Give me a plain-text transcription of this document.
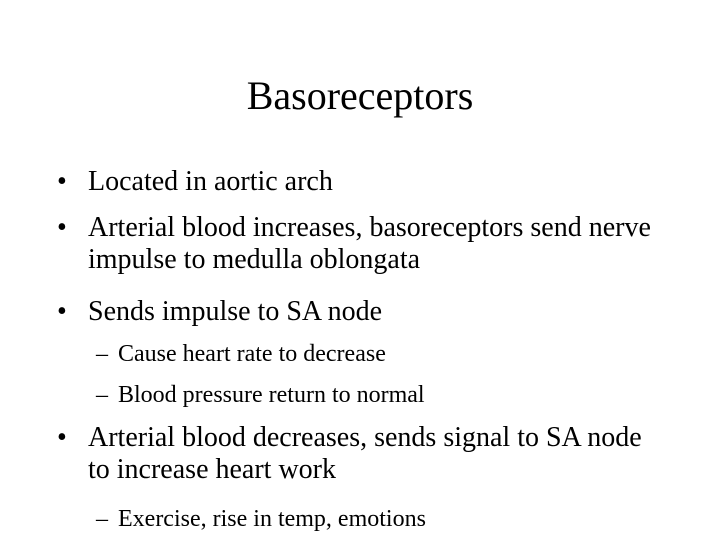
Basoreceptors
• Located in aortic arch
• Arterial blood increases, basoreceptors send nerve impulse to medulla oblongata
• Sends impulse to SA node
– Cause heart rate to decrease
– Blood pressure return to normal
• Arterial blood decreases, sends signal to SA node to increase heart work
– Exercise, rise in temp, emotions
